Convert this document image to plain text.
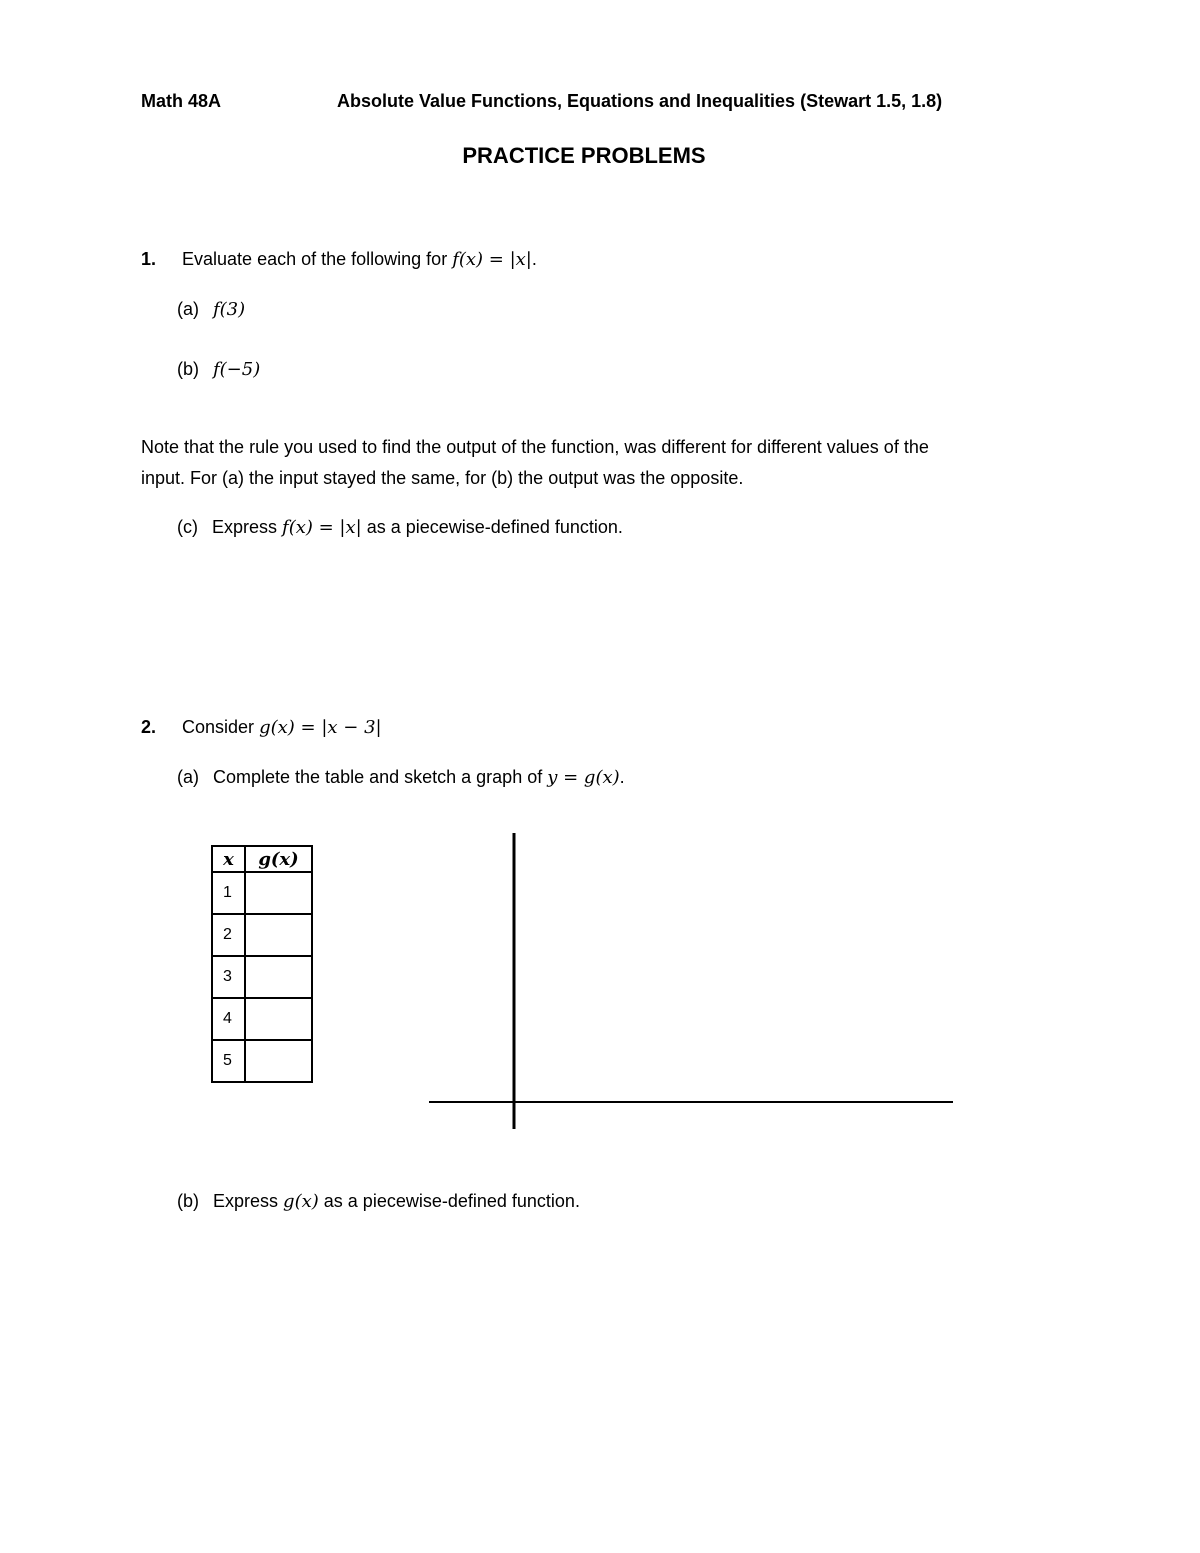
Math 48A	Absolute Value Functions, Equations and Inequalities (Stewart 1.5, 1.8)
PRACTICE PROBLEMS
1. Evaluate each of the following for f(x) = |x|.
(a) f(3)
(b) f(−5)
Note that the rule you used to find the output of the function, was different for different values of the
input. For (a) the input stayed the same, for (b) the output was the opposite.
(c) Express f(x) = |x| as a piecewise-defined function.
2. Consider g(x) = |x − 3|
(a) Complete the table and sketch a graph of y = g(x).
x	g(x)
1	
2	
3	
4	
5	
(b) Express g(x) as a piecewise-defined function.
